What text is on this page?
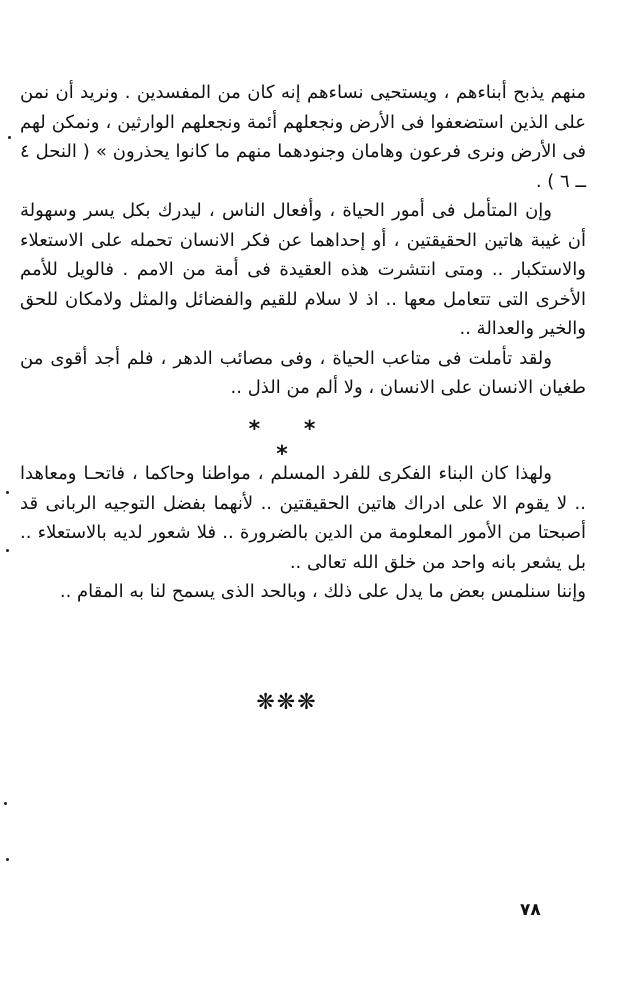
منهم يذبح أبناءهم ، ويستحيى نساءهم إنه كان من المفسدين . ونريد أن نمن على الذين استضعفوا فى الأرض ونجعلهم أئمة ونجعلهم الوارثين ، ونمكن لهم فى الأرض ونرى فرعون وهامان وجنودهما منهم ما كانوا يحذرون » ( النحل ٤ ــ ٦ ) .

وإن المتأمل فى أمور الحياة ، وأفعال الناس ، ليدرك بكل يسر وسهولة أن غيبة هاتين الحقيقتين ، أو إحداهما عن فكر الانسان تحمله على الاستعلاء والاستكبار .. ومتى انتشرت هذه العقيدة فى أمة من الامم . فالويل للأمم الأخرى التى تتعامل معها .. اذ لا سلام للقيم والفضائل والمثل ولامكان للحق والخير والعدالة ..

ولقد تأملت فى متاعب الحياة ، وفى مصائب الدهر ، فلم أجد أقوى من طغيان الانسان على الانسان ، ولا ألم من الذل ..

* * *

ولهذا كان البناء الفكرى للفرد المسلم ، مواطنا وحاكما ، فاتحـا ومعاهدا .. لا يقوم الا على ادراك هاتين الحقيقتين .. لأنهما بفضل التوجيه الربانى قد أصبحتا من الأمور المعلومة من الدين بالضرورة .. فلا شعور لديه بالاستعلاء .. بل يشعر بانه واحد من خلق الله تعالى ..

وإننا سنلمس بعض ما يدل على ذلك ، وبالحد الذى يسمح لنا به المقام ..

❋❋❋
٧٨
